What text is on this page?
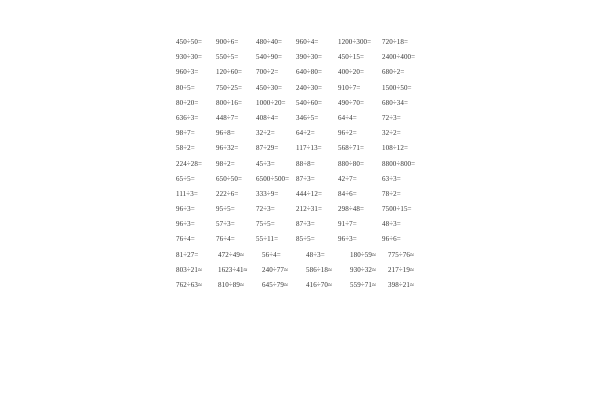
450÷50= 900÷6=	480÷40= 960÷4=	1200÷300= 720÷18=
930÷30= 550÷5=	540÷90= 390÷30= 450÷15=	2400÷400=
960÷3=	120÷60= 700÷2=	640÷80= 400÷20=	680÷2=
80÷5=	750÷25= 450÷30= 240÷30= 910÷7=	1500÷50=
80÷20=	800÷16= 1000÷20= 540÷60= 490÷70=	680÷34=
636÷3=	448÷7=	408÷4=	346÷5=	64÷4=	72÷3=
98÷7=	96÷8=	32÷2=	64÷2=	96÷2=	32÷2=
58÷2=	96÷32=	87÷29=	117÷13= 568÷71=	108÷12=
224÷28= 98÷2=	45÷3=	88÷8=	880÷80=	8800÷800=
65÷5=	650÷50= 6500÷500= 87÷3=	42÷7=	63÷3=
111÷3=	222÷6=	333÷9=	444÷12= 84÷6=	78÷2=
96÷3=	95÷5=	72÷3=	212÷31= 298÷48=	7500÷15=
96÷3=	57÷3=	75÷5=	87÷3=	91÷7=	48÷3=
76÷4=	76÷4=	55÷11=	85÷5=	96÷3=	96÷6=
81÷27=	472÷49≈	56÷4=	48÷3=	180÷59≈ 775÷76≈
803÷21≈ 1623÷41≈ 240÷77≈	586÷18≈	930÷32≈ 217÷19≈
762÷63≈ 810÷89≈	645÷79≈	416÷70≈	559÷71≈ 398÷21≈
